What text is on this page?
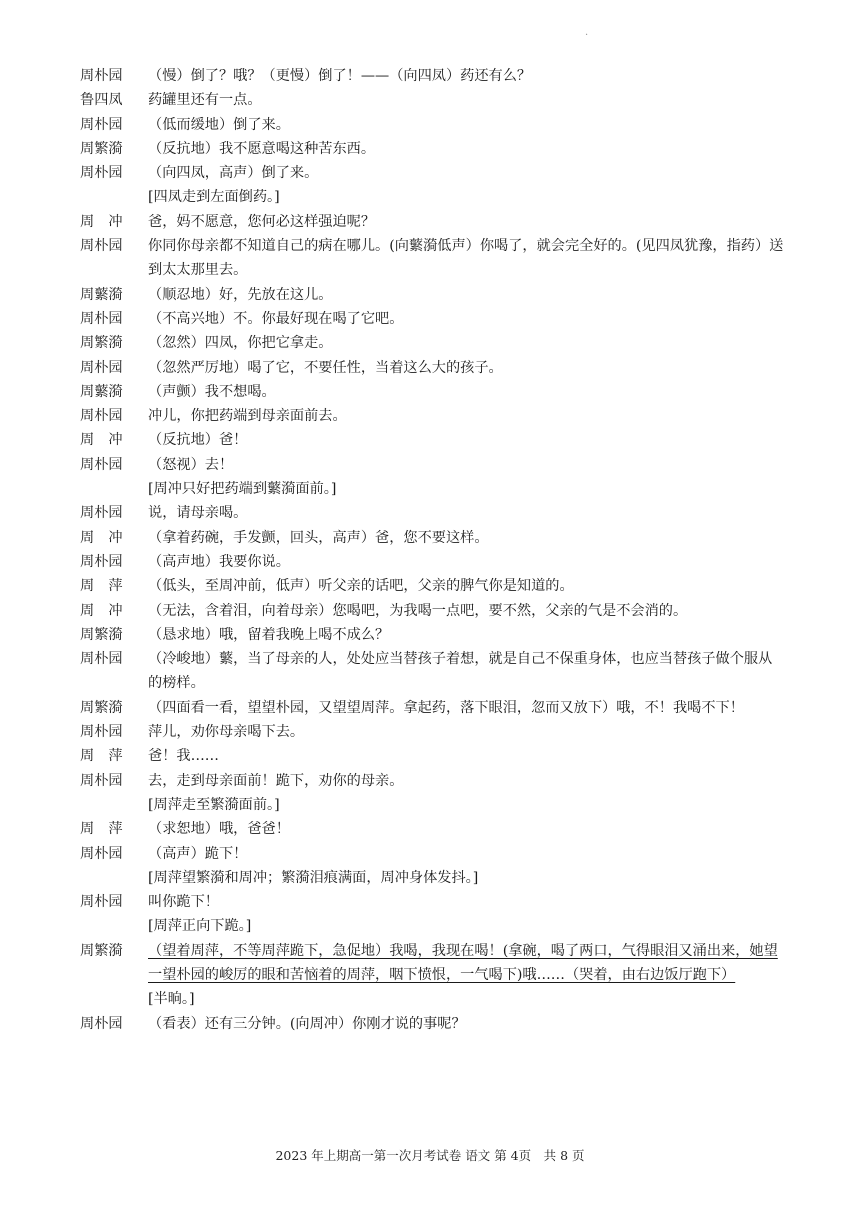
·
周朴园	（慢）倒了？哦？（更慢）倒了！——（向四凤）药还有么？
鲁四凤	药罐里还有一点。
周朴园	（低而缓地）倒了来。
周繁漪	（反抗地）我不愿意喝这种苦东西。
周朴园	（向四凤，高声）倒了来。
[四凤走到左面倒药。]
周　冲	爸，妈不愿意，您何必这样强迫呢？
周朴园	你同你母亲都不知道自己的病在哪儿。(向蘩漪低声）你喝了，就会完全好的。(见四凤犹豫，指药）送到太太那里去。
周蘩漪	（顺忍地）好，先放在这儿。
周朴园	（不高兴地）不。你最好现在喝了它吧。
周繁漪	（忽然）四凤，你把它拿走。
周朴园	（忽然严厉地）喝了它，不要任性，当着这么大的孩子。
周蘩漪	（声颤）我不想喝。
周朴园	冲儿，你把药端到母亲面前去。
周　冲	（反抗地）爸！
周朴园	（怒视）去！
[周冲只好把药端到蘩漪面前。]
周朴园	说，请母亲喝。
周　冲	（拿着药碗，手发颤，回头，高声）爸，您不要这样。
周朴园	（高声地）我要你说。
周　萍	（低头，至周冲前，低声）听父亲的话吧，父亲的脾气你是知道的。
周　冲	（无法，含着泪，向着母亲）您喝吧，为我喝一点吧，要不然，父亲的气是不会消的。
周繁漪	（恳求地）哦，留着我晚上喝不成么？
周朴园	（冷峻地）蘩，当了母亲的人，处处应当替孩子着想，就是自己不保重身体，也应当替孩子做个服从的榜样。
周繁漪	（四面看一看，望望朴园，又望望周萍。拿起药，落下眼泪，忽而又放下）哦，不！我喝不下！
周朴园	萍儿，劝你母亲喝下去。
周　萍	爸！我……
周朴园	去，走到母亲面前！跪下，劝你的母亲。
[周萍走至繁漪面前。]
周　萍	（求恕地）哦，爸爸！
周朴园	（高声）跪下！
[周萍望繁漪和周冲；繁漪泪痕满面，周冲身体发抖。]
周朴园	叫你跪下！
[周萍正向下跪。]
周繁漪	（望着周萍，不等周萍跪下，急促地）我喝，我现在喝！(拿碗，喝了两口，气得眼泪又涌出来，她望一望朴园的峻厉的眼和苦恼着的周萍，咽下愤恨，一气喝下)哦……（哭着，由右边饭厅跑下）
[半晌。]
周朴园	（看表）还有三分钟。(向周冲）你刚才说的事呢？
2023 年上期高一第一次月考试卷 语文 第 4页　共 8 页
